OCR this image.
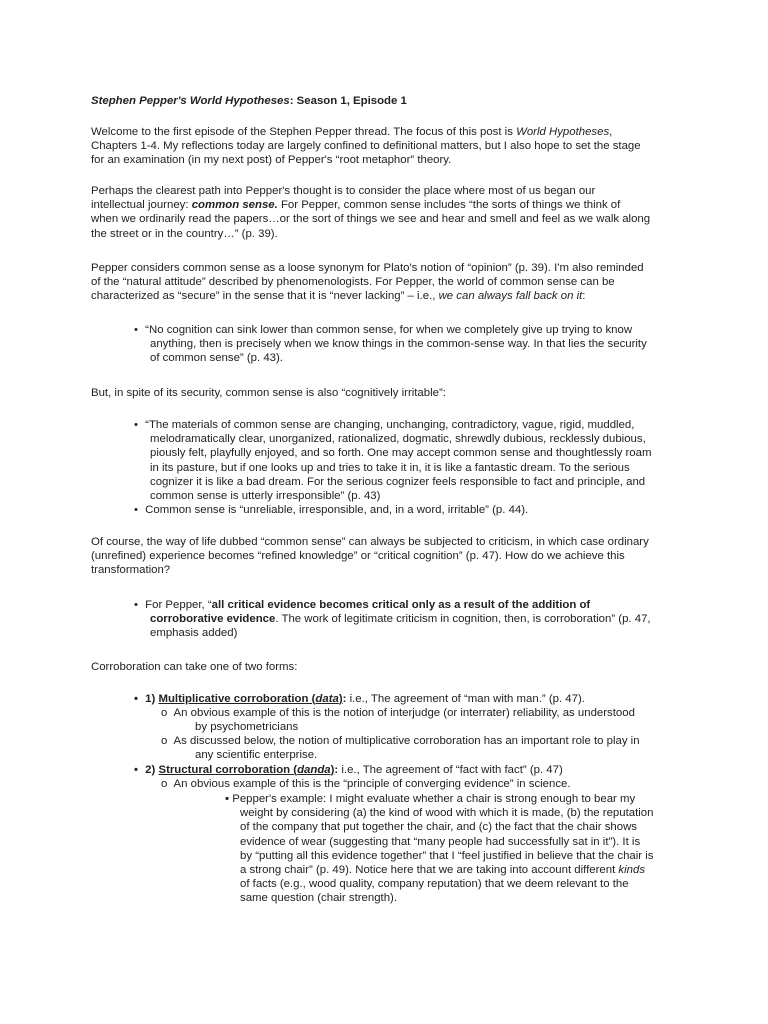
Stephen Pepper's World Hypotheses: Season 1, Episode 1

Welcome to the first episode of the Stephen Pepper thread. The focus of this post is World Hypotheses,
Chapters 1-4. My reflections today are largely confined to definitional matters, but I also hope to set the stage
for an examination (in my next post) of Pepper's “root metaphor” theory.

Perhaps the clearest path into Pepper's thought is to consider the place where most of us began our
intellectual journey: common sense. For Pepper, common sense includes “the sorts of things we think of
when we ordinarily read the papers…or the sort of things we see and hear and smell and feel as we walk along
the street or in the country…” (p. 39).

Pepper considers common sense as a loose synonym for Plato's notion of “opinion” (p. 39). I'm also reminded
of the “natural attitude” described by phenomenologists. For Pepper, the world of common sense can be
characterized as “secure” in the sense that it is “never lacking” – i.e., we can always fall back on it:

• “No cognition can sink lower than common sense, for when we completely give up trying to know
anything, then is precisely when we know things in the common-sense way. In that lies the security
of common sense” (p. 43).

But, in spite of its security, common sense is also “cognitively irritable”:

• “The materials of common sense are changing, unchanging, contradictory, vague, rigid, muddled,
melodramatically clear, unorganized, rationalized, dogmatic, shrewdly dubious, recklessly dubious,
piously felt, playfully enjoyed, and so forth. One may accept common sense and thoughtlessly roam
in its pasture, but if one looks up and tries to take it in, it is like a fantastic dream. To the serious
cognizer it is like a bad dream. For the serious cognizer feels responsible to fact and principle, and
common sense is utterly irresponsible” (p. 43)
• Common sense is “unreliable, irresponsible, and, in a word, irritable” (p. 44).

Of course, the way of life dubbed “common sense” can always be subjected to criticism, in which case ordinary
(unrefined) experience becomes “refined knowledge” or “critical cognition” (p. 47). How do we achieve this
transformation?

• For Pepper, “all critical evidence becomes critical only as a result of the addition of
corroborative evidence. The work of legitimate criticism in cognition, then, is corroboration” (p. 47,
emphasis added)

Corroboration can take one of two forms:

• 1) Multiplicative corroboration (data): i.e., The agreement of “man with man.” (p. 47).
o An obvious example of this is the notion of interjudge (or interrater) reliability, as understood
by psychometricians
o As discussed below, the notion of multiplicative corroboration has an important role to play in
any scientific enterprise.
• 2) Structural corroboration (danda): i.e., The agreement of “fact with fact” (p. 47)
o An obvious example of this is the “principle of converging evidence” in science.
▪ Pepper's example: I might evaluate whether a chair is strong enough to bear my
weight by considering (a) the kind of wood with which it is made, (b) the reputation
of the company that put together the chair, and (c) the fact that the chair shows
evidence of wear (suggesting that “many people had successfully sat in it”). It is
by “putting all this evidence together” that I “feel justified in believe that the chair is
a strong chair” (p. 49). Notice here that we are taking into account different kinds
of facts (e.g., wood quality, company reputation) that we deem relevant to the
same question (chair strength).
